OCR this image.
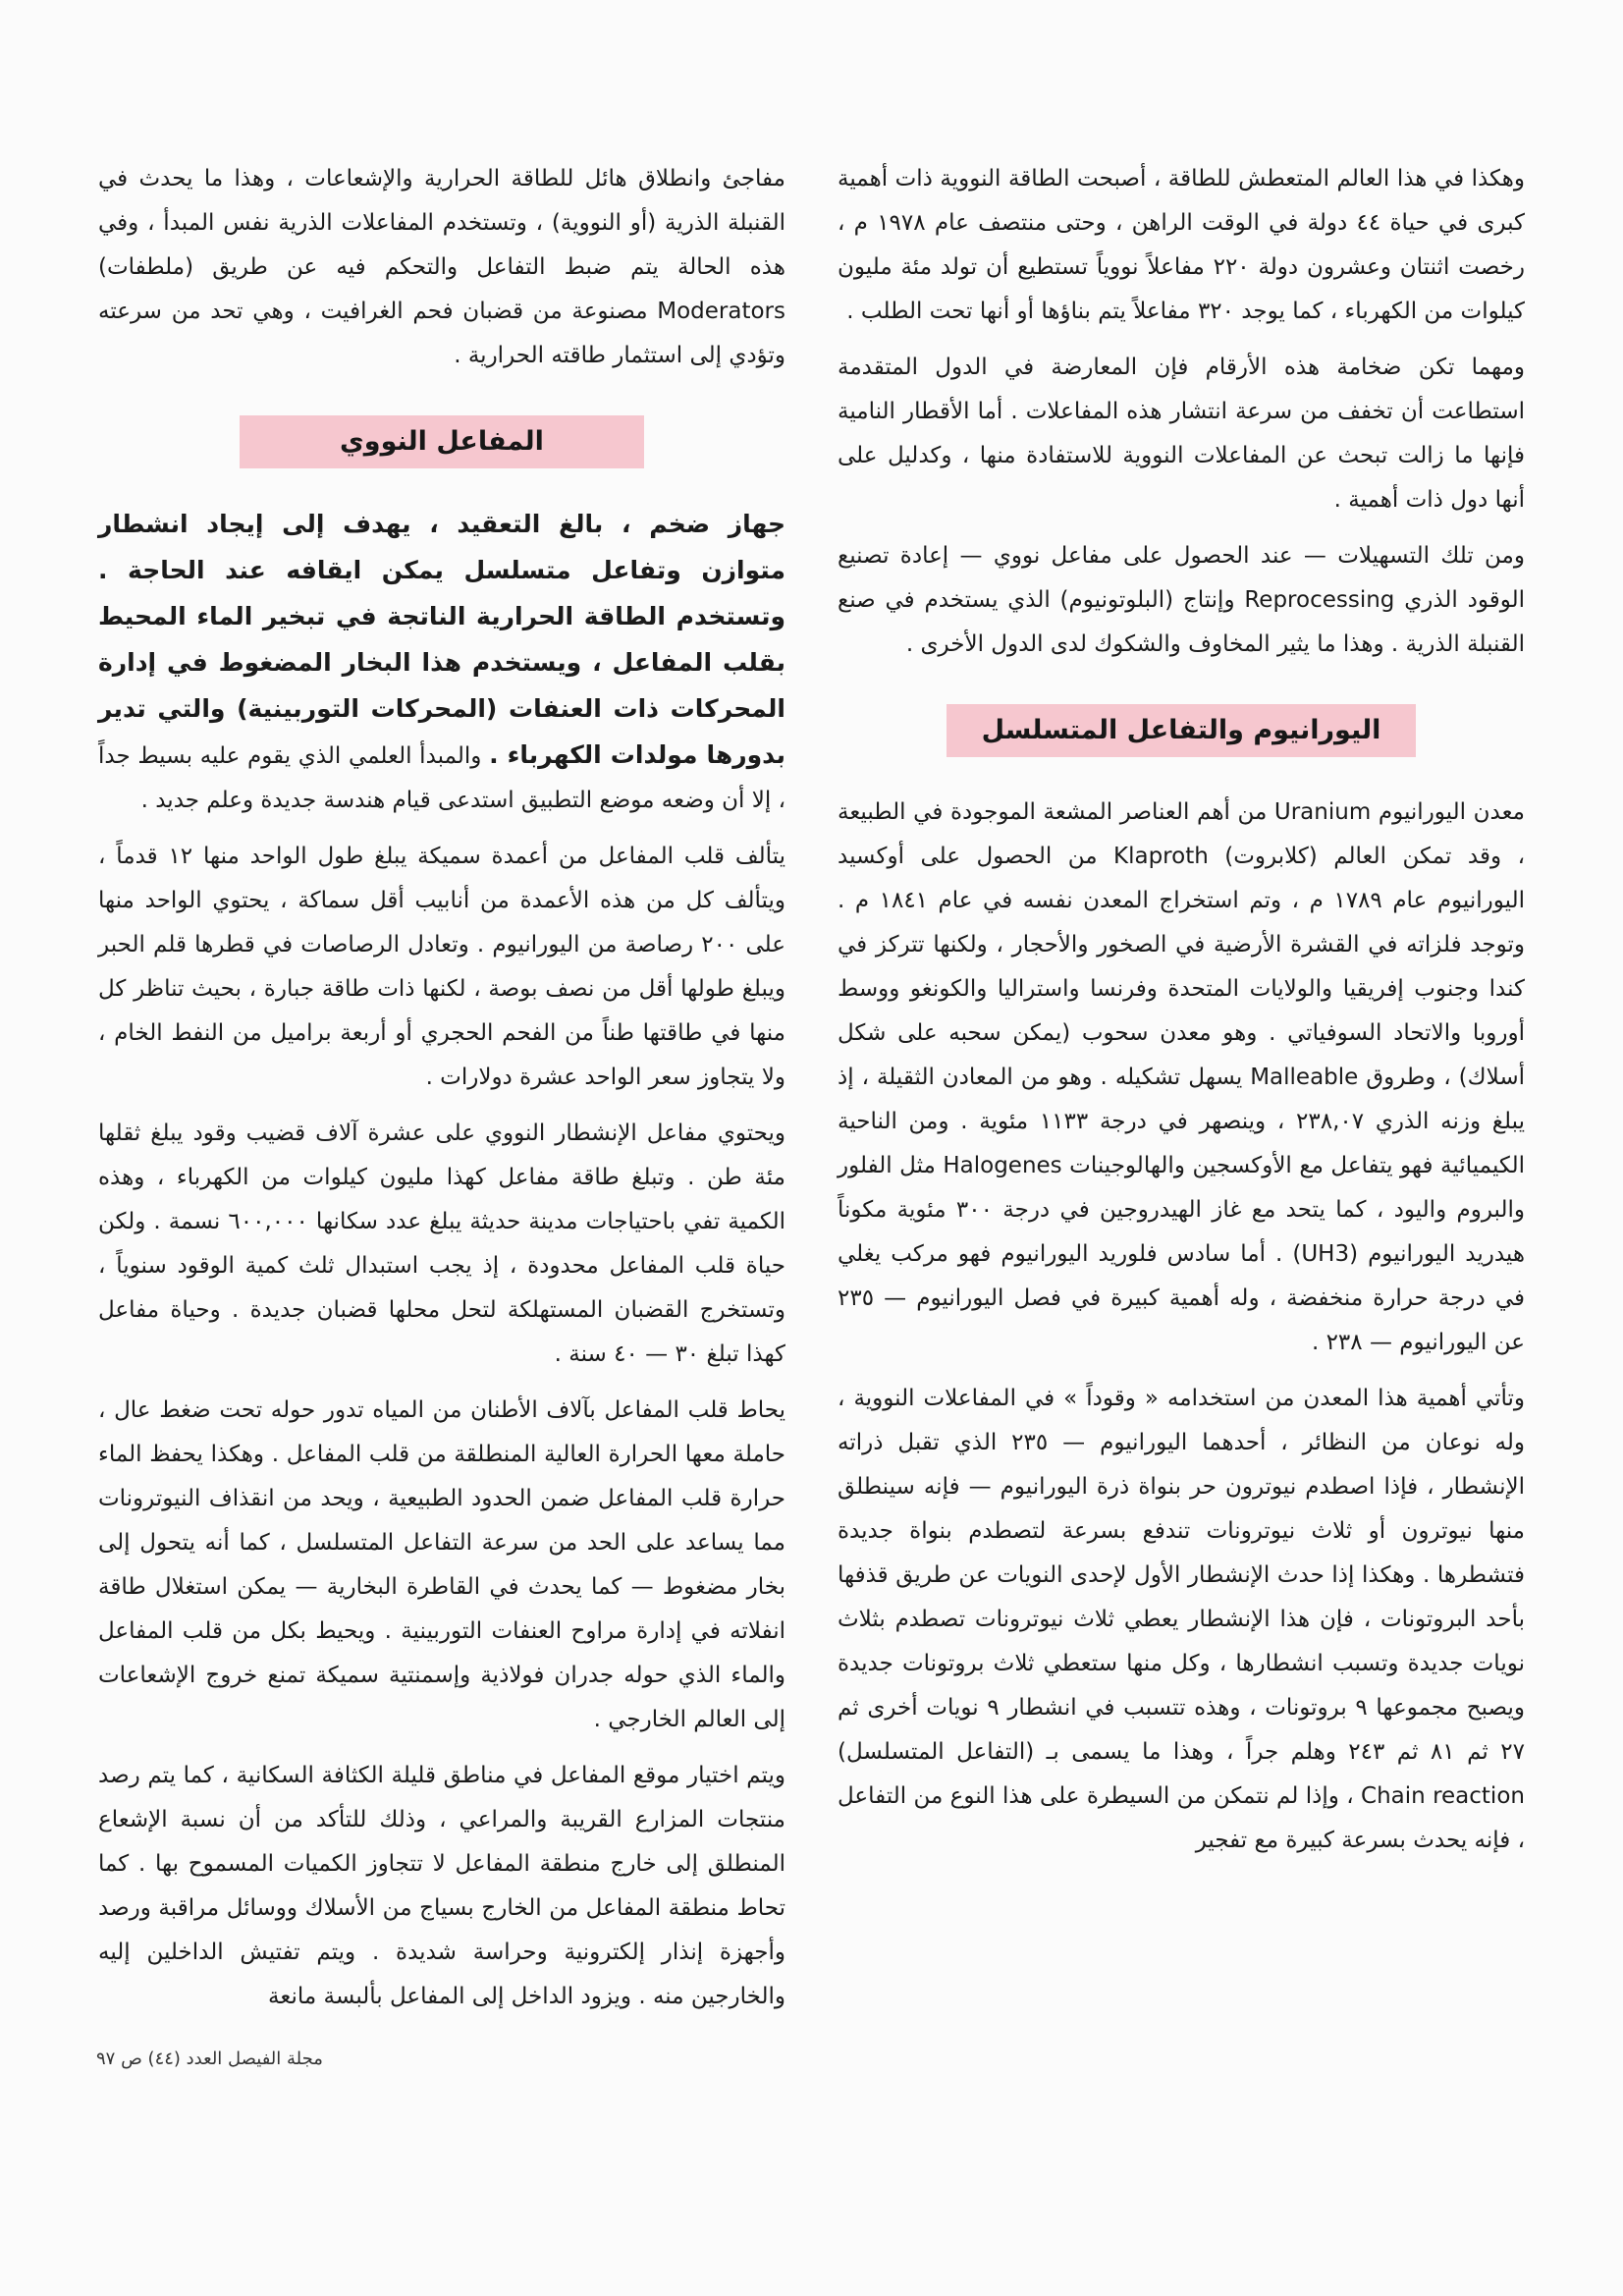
وهكذا في هذا العالم المتعطش للطاقة ، أصبحت الطاقة النووية ذات أهمية كبرى في حياة ٤٤ دولة في الوقت الراهن ، وحتى منتصف عام ١٩٧٨ م ، رخصت اثنتان وعشرون دولة ٢٢٠ مفاعلاً نووياً تستطيع أن تولد مئة مليون كيلوات من الكهرباء ، كما يوجد ٣٢٠ مفاعلاً يتم بناؤها أو أنها تحت الطلب .

ومهما تكن ضخامة هذه الأرقام فإن المعارضة في الدول المتقدمة استطاعت أن تخفف من سرعة انتشار هذه المفاعلات . أما الأقطار النامية فإنها ما زالت تبحث عن المفاعلات النووية للاستفادة منها ، وكدليل على أنها دول ذات أهمية .

ومن تلك التسهيلات — عند الحصول على مفاعل نووي — إعادة تصنيع الوقود الذري Reprocessing وإنتاج (البلوتونيوم) الذي يستخدم في صنع القنبلة الذرية . وهذا ما يثير المخاوف والشكوك لدى الدول الأخرى .

اليورانيوم والتفاعل المتسلسل

معدن اليورانيوم Uranium من أهم العناصر المشعة الموجودة في الطبيعة ، وقد تمكن العالم (كلابروت) Klaproth من الحصول على أوكسيد اليورانيوم عام ١٧٨٩ م ، وتم استخراج المعدن نفسه في عام ١٨٤١ م . وتوجد فلزاته في القشرة الأرضية في الصخور والأحجار ، ولكنها تتركز في كندا وجنوب إفريقيا والولايات المتحدة وفرنسا واستراليا والكونغو ووسط أوروبا والاتحاد السوفياتي . وهو معدن سحوب (يمكن سحبه على شكل أسلاك) ، وطروق Malleable يسهل تشكيله . وهو من المعادن الثقيلة ، إذ يبلغ وزنه الذري ٢٣٨,٠٧ ، وينصهر في درجة ١١٣٣ مئوية . ومن الناحية الكيميائية فهو يتفاعل مع الأوكسجين والهالوجينات Halogenes مثل الفلور والبروم واليود ، كما يتحد مع غاز الهيدروجين في درجة ٣٠٠ مئوية مكوناً هيدريد اليورانيوم (UH3) . أما سادس فلوريد اليورانيوم فهو مركب يغلي في درجة حرارة منخفضة ، وله أهمية كبيرة في فصل اليورانيوم — ٢٣٥ عن اليورانيوم — ٢٣٨ .

وتأتي أهمية هذا المعدن من استخدامه « وقوداً » في المفاعلات النووية ، وله نوعان من النظائر ، أحدهما اليورانيوم — ٢٣٥ الذي تقبل ذراته الإنشطار ، فإذا اصطدم نيوترون حر بنواة ذرة اليورانيوم — فإنه سينطلق منها نيوترون أو ثلاث نيوترونات تندفع بسرعة لتصطدم بنواة جديدة فتشطرها . وهكذا إذا حدث الإنشطار الأول لإحدى النويات عن طريق قذفها بأحد البروتونات ، فإن هذا الإنشطار يعطي ثلاث نيوترونات تصطدم بثلاث نويات جديدة وتسبب انشطارها ، وكل منها ستعطي ثلاث بروتونات جديدة ويصبح مجموعها ٩ بروتونات ، وهذه تتسبب في انشطار ٩ نويات أخرى ثم ٢٧ ثم ٨١ ثم ٢٤٣ وهلم جراً ، وهذا ما يسمى بـ (التفاعل المتسلسل) Chain reaction ، وإذا لم نتمكن من السيطرة على هذا النوع من التفاعل ، فإنه يحدث بسرعة كبيرة مع تفجير

مفاجئ وانطلاق هائل للطاقة الحرارية والإشعاعات ، وهذا ما يحدث في القنبلة الذرية (أو النووية) ، وتستخدم المفاعلات الذرية نفس المبدأ ، وفي هذه الحالة يتم ضبط التفاعل والتحكم فيه عن طريق (ملطفات) Moderators مصنوعة من قضبان فحم الغرافيت ، وهي تحد من سرعته وتؤدي إلى استثمار طاقته الحرارية .

المفاعل النووي

جهاز ضخم ، بالغ التعقيد ، يهدف إلى إيجاد انشطار متوازن وتفاعل متسلسل يمكن ايقافه عند الحاجة . وتستخدم الطاقة الحرارية الناتجة في تبخير الماء المحيط بقلب المفاعل ، ويستخدم هذا البخار المضغوط في إدارة المحركات ذات العنفات (المحركات التوربينية) والتي تدير بدورها مولدات الكهرباء . والمبدأ العلمي الذي يقوم عليه بسيط جداً ، إلا أن وضعه موضع التطبيق استدعى قيام هندسة جديدة وعلم جديد .

يتألف قلب المفاعل من أعمدة سميكة يبلغ طول الواحد منها ١٢ قدماً ، ويتألف كل من هذه الأعمدة من أنابيب أقل سماكة ، يحتوي الواحد منها على ٢٠٠ رصاصة من اليورانيوم . وتعادل الرصاصات في قطرها قلم الحبر ويبلغ طولها أقل من نصف بوصة ، لكنها ذات طاقة جبارة ، بحيث تناظر كل منها في طاقتها طناً من الفحم الحجري أو أربعة براميل من النفط الخام ، ولا يتجاوز سعر الواحد عشرة دولارات .

ويحتوي مفاعل الإنشطار النووي على عشرة آلاف قضيب وقود يبلغ ثقلها مئة طن . وتبلغ طاقة مفاعل كهذا مليون كيلوات من الكهرباء ، وهذه الكمية تفي باحتياجات مدينة حديثة يبلغ عدد سكانها ٦٠٠,٠٠٠ نسمة . ولكن حياة قلب المفاعل محدودة ، إذ يجب استبدال ثلث كمية الوقود سنوياً ، وتستخرج القضبان المستهلكة لتحل محلها قضبان جديدة . وحياة مفاعل كهذا تبلغ ٣٠ — ٤٠ سنة .

يحاط قلب المفاعل بآلاف الأطنان من المياه تدور حوله تحت ضغط عال ، حاملة معها الحرارة العالية المنطلقة من قلب المفاعل . وهكذا يحفظ الماء حرارة قلب المفاعل ضمن الحدود الطبيعية ، ويحد من انقذاف النيوترونات مما يساعد على الحد من سرعة التفاعل المتسلسل ، كما أنه يتحول إلى بخار مضغوط — كما يحدث في القاطرة البخارية — يمكن استغلال طاقة انفلاته في إدارة مراوح العنفات التوربينية . ويحيط بكل من قلب المفاعل والماء الذي حوله جدران فولاذية وإسمنتية سميكة تمنع خروج الإشعاعات إلى العالم الخارجي .

ويتم اختيار موقع المفاعل في مناطق قليلة الكثافة السكانية ، كما يتم رصد منتجات المزارع القريبة والمراعي ، وذلك للتأكد من أن نسبة الإشعاع المنطلق إلى خارج منطقة المفاعل لا تتجاوز الكميات المسموح بها . كما تحاط منطقة المفاعل من الخارج بسياج من الأسلاك ووسائل مراقبة ورصد وأجهزة إنذار إلكترونية وحراسة شديدة . ويتم تفتيش الداخلين إليه والخارجين منه . ويزود الداخل إلى المفاعل بألبسة مانعة

مجلة الفيصل العدد (٤٤) ص ٩٧
